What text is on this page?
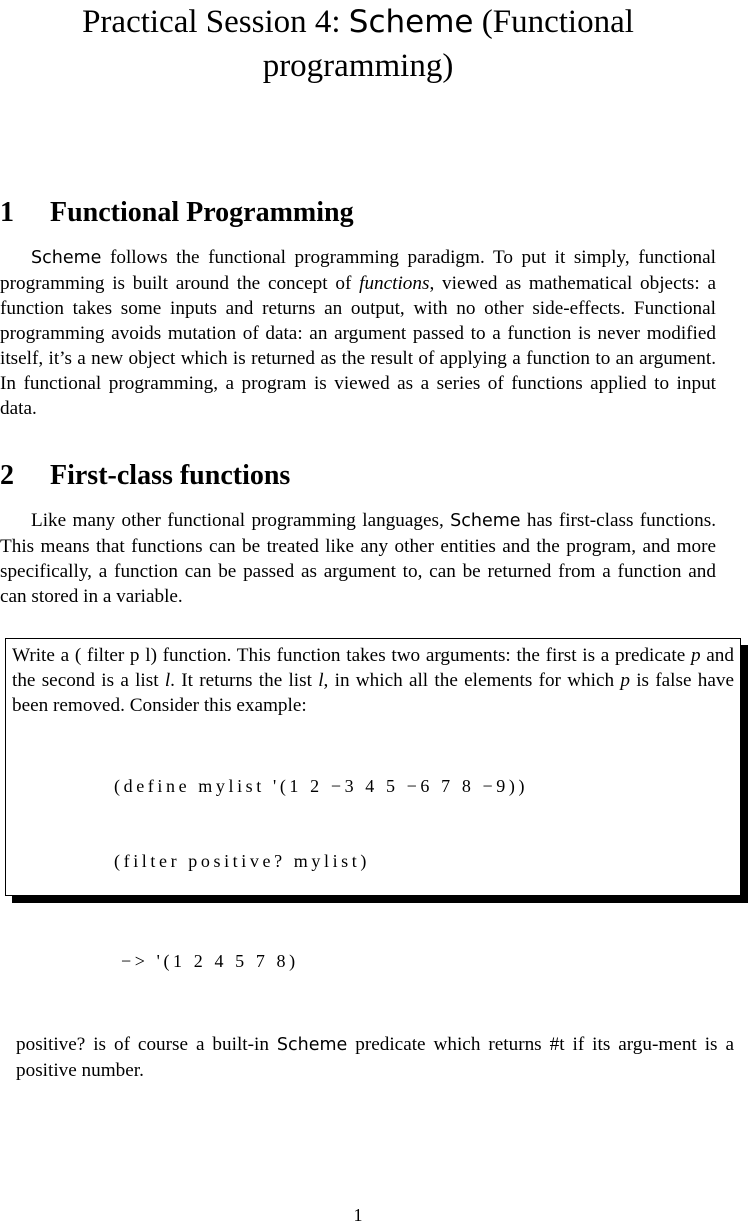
Practical Session 4: Scheme (Functional programming)
1 Functional Programming

Scheme follows the functional programming paradigm. To put it simply, functional programming is built around the concept of functions, viewed as mathematical objects: a function takes some inputs and returns an output, with no other side-effects. Functional programming avoids mutation of data: an argument passed to a function is never modified itself, it’s a new object which is returned as the result of applying a function to an argument. In functional programming, a program is viewed as a series of functions applied to input data.

2 First-class functions

Like many other functional programming languages, Scheme has first-class functions. This means that functions can be treated like any other entities and the program, and more specifically, a function can be passed as argument to, can be returned from a function and can stored in a variable.

Write a ( filter p l) function. This function takes two arguments: the first is a predicate p and the second is a list l. It returns the list l, in which all the elements for which p is false have been removed. Consider this example:

(define mylist '(1 2 −3 4 5 −6 7 8 −9))

(filter positive? mylist)

−> '(1 2 4 5 7 8)

positive? is of course a built-in Scheme predicate which returns #t if its argu-ment is a positive number.

1
